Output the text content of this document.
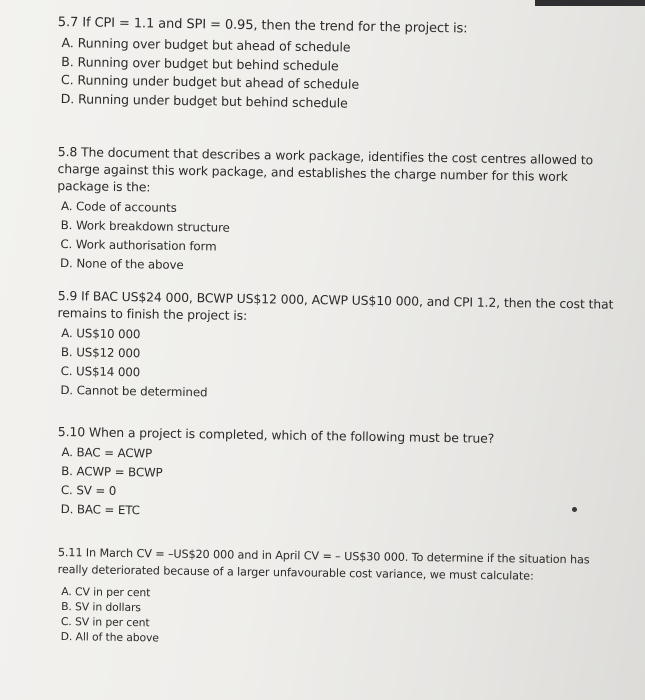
5.7 If CPI = 1.1 and SPI = 0.95, then the trend for the project is:
A. Running over budget but ahead of schedule
B. Running over budget but behind schedule
C. Running under budget but ahead of schedule
D. Running under budget but behind schedule
5.8 The document that describes a work package, identifies the cost centres allowed to charge against this work package, and establishes the charge number for this work package is the:
A. Code of accounts
B. Work breakdown structure
C. Work authorisation form
D. None of the above
5.9 If BAC US$24 000, BCWP US$12 000, ACWP US$10 000, and CPI 1.2, then the cost that remains to finish the project is:
A. US$10 000
B. US$12 000
C. US$14 000
D. Cannot be determined
5.10 When a project is completed, which of the following must be true?
A. BAC = ACWP
B. ACWP = BCWP
C. SV = 0
D. BAC = ETC
5.11 In March CV = –US$20 000 and in April CV = – US$30 000. To determine if the situation has really deteriorated because of a larger unfavourable cost variance, we must calculate:
A. CV in per cent
B. SV in dollars
C. SV in per cent
D. All of the above
